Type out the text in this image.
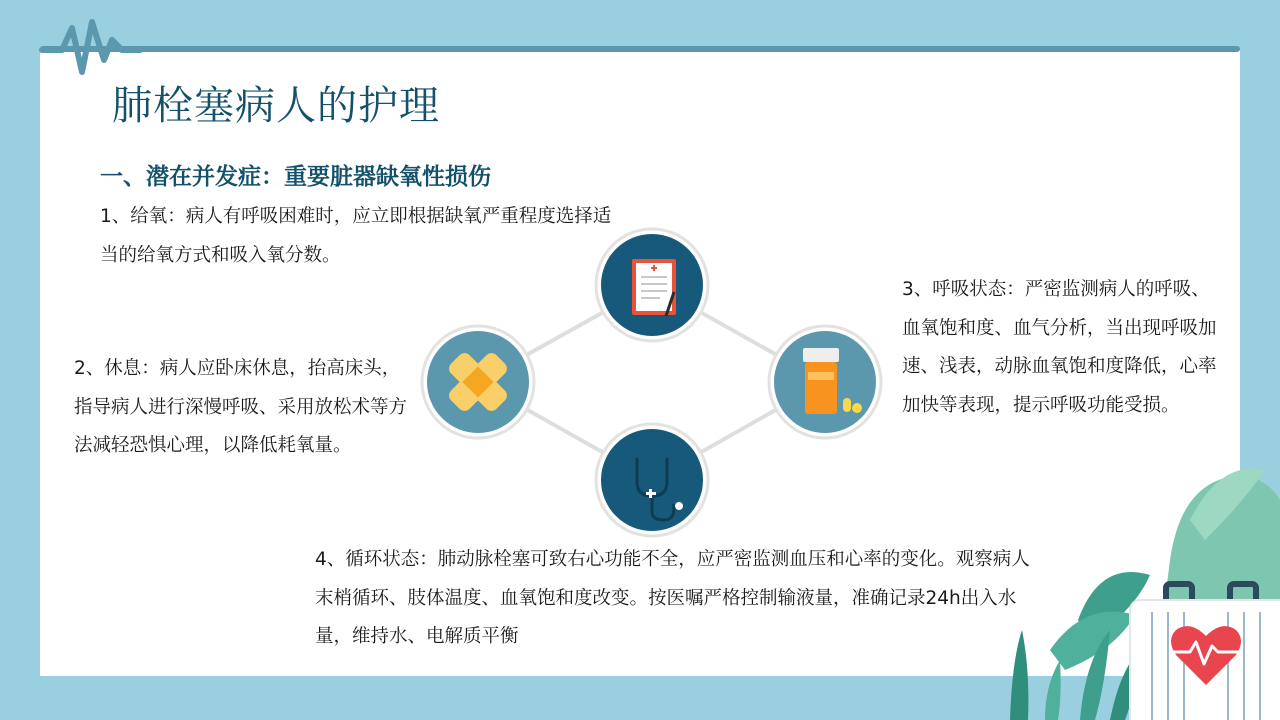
肺栓塞病人的护理
一、潜在并发症：重要脏器缺氧性损伤
1、给氧：病人有呼吸困难时，应立即根据缺氧严重程度选择适当的给氧方式和吸入氧分数。
2、休息：病人应卧床休息，抬高床头，指导病人进行深慢呼吸、采用放松术等方法减轻恐惧心理，以降低耗氧量。
3、呼吸状态：严密监测病人的呼吸、血氧饱和度、血气分析，当出现呼吸加速、浅表，动脉血氧饱和度降低，心率加快等表现，提示呼吸功能受损。
4、循环状态：肺动脉栓塞可致右心功能不全，应严密监测血压和心率的变化。观察病人末梢循环、肢体温度、血氧饱和度改变。按医嘱严格控制输液量，准确记录24h出入水量，维持水、电解质平衡
